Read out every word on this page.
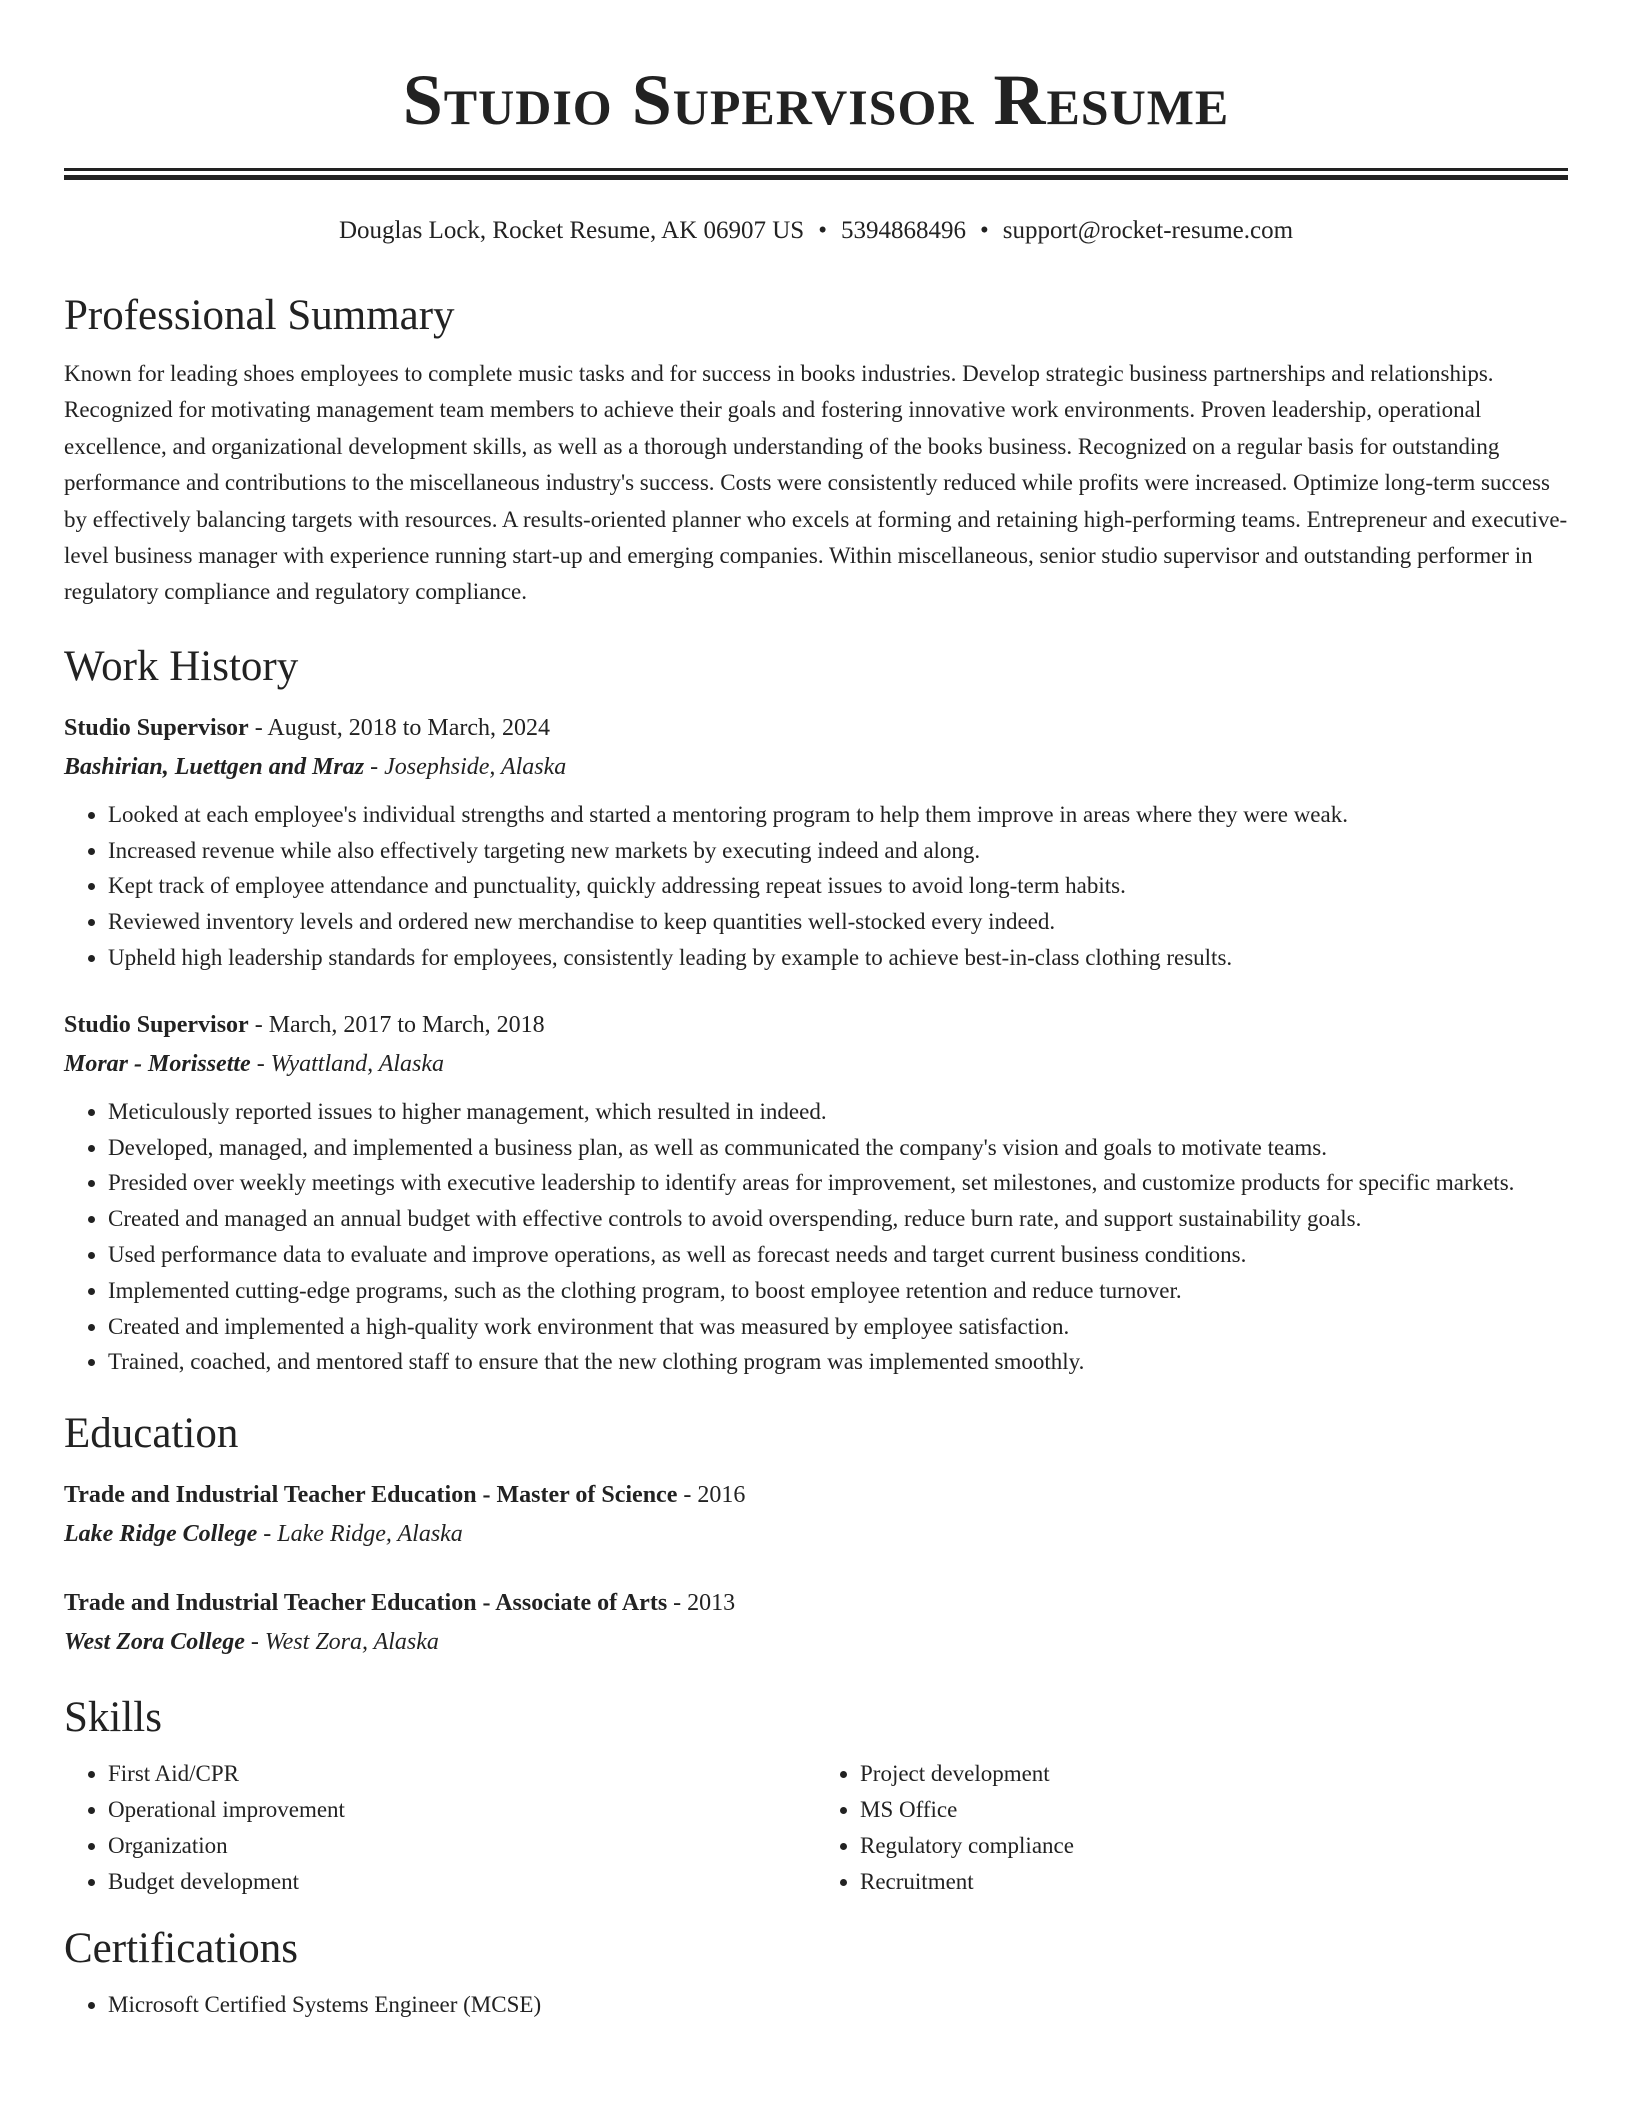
Studio Supervisor Resume
Douglas Lock, Rocket Resume, AK 06907 US • 5394868496 • support@rocket-resume.com
Professional Summary

Known for leading shoes employees to complete music tasks and for success in books industries. Develop strategic business partnerships and relationships. Recognized for motivating management team members to achieve their goals and fostering innovative work environments. Proven leadership, operational excellence, and organizational development skills, as well as a thorough understanding of the books business. Recognized on a regular basis for outstanding performance and contributions to the miscellaneous industry's success. Costs were consistently reduced while profits were increased. Optimize long-term success by effectively balancing targets with resources. A results-oriented planner who excels at forming and retaining high-performing teams. Entrepreneur and executive-level business manager with experience running start-up and emerging companies. Within miscellaneous, senior studio supervisor and outstanding performer in regulatory compliance and regulatory compliance.

Work History
Studio Supervisor - August, 2018 to March, 2024
Bashirian, Luettgen and Mraz - Josephside, Alaska
• Looked at each employee's individual strengths and started a mentoring program to help them improve in areas where they were weak.
• Increased revenue while also effectively targeting new markets by executing indeed and along.
• Kept track of employee attendance and punctuality, quickly addressing repeat issues to avoid long-term habits.
• Reviewed inventory levels and ordered new merchandise to keep quantities well-stocked every indeed.
• Upheld high leadership standards for employees, consistently leading by example to achieve best-in-class clothing results.
Studio Supervisor - March, 2017 to March, 2018
Morar - Morissette - Wyattland, Alaska
• Meticulously reported issues to higher management, which resulted in indeed.
• Developed, managed, and implemented a business plan, as well as communicated the company's vision and goals to motivate teams.
• Presided over weekly meetings with executive leadership to identify areas for improvement, set milestones, and customize products for specific markets.
• Created and managed an annual budget with effective controls to avoid overspending, reduce burn rate, and support sustainability goals.
• Used performance data to evaluate and improve operations, as well as forecast needs and target current business conditions.
• Implemented cutting-edge programs, such as the clothing program, to boost employee retention and reduce turnover.
• Created and implemented a high-quality work environment that was measured by employee satisfaction.
• Trained, coached, and mentored staff to ensure that the new clothing program was implemented smoothly.
Education
Trade and Industrial Teacher Education - Master of Science - 2016
Lake Ridge College - Lake Ridge, Alaska
Trade and Industrial Teacher Education - Associate of Arts - 2013
West Zora College - West Zora, Alaska
Skills
• First Aid/CPR
• Operational improvement
• Organization
• Budget development
• Project development
• MS Office
• Regulatory compliance
• Recruitment
Certifications
• Microsoft Certified Systems Engineer (MCSE)
